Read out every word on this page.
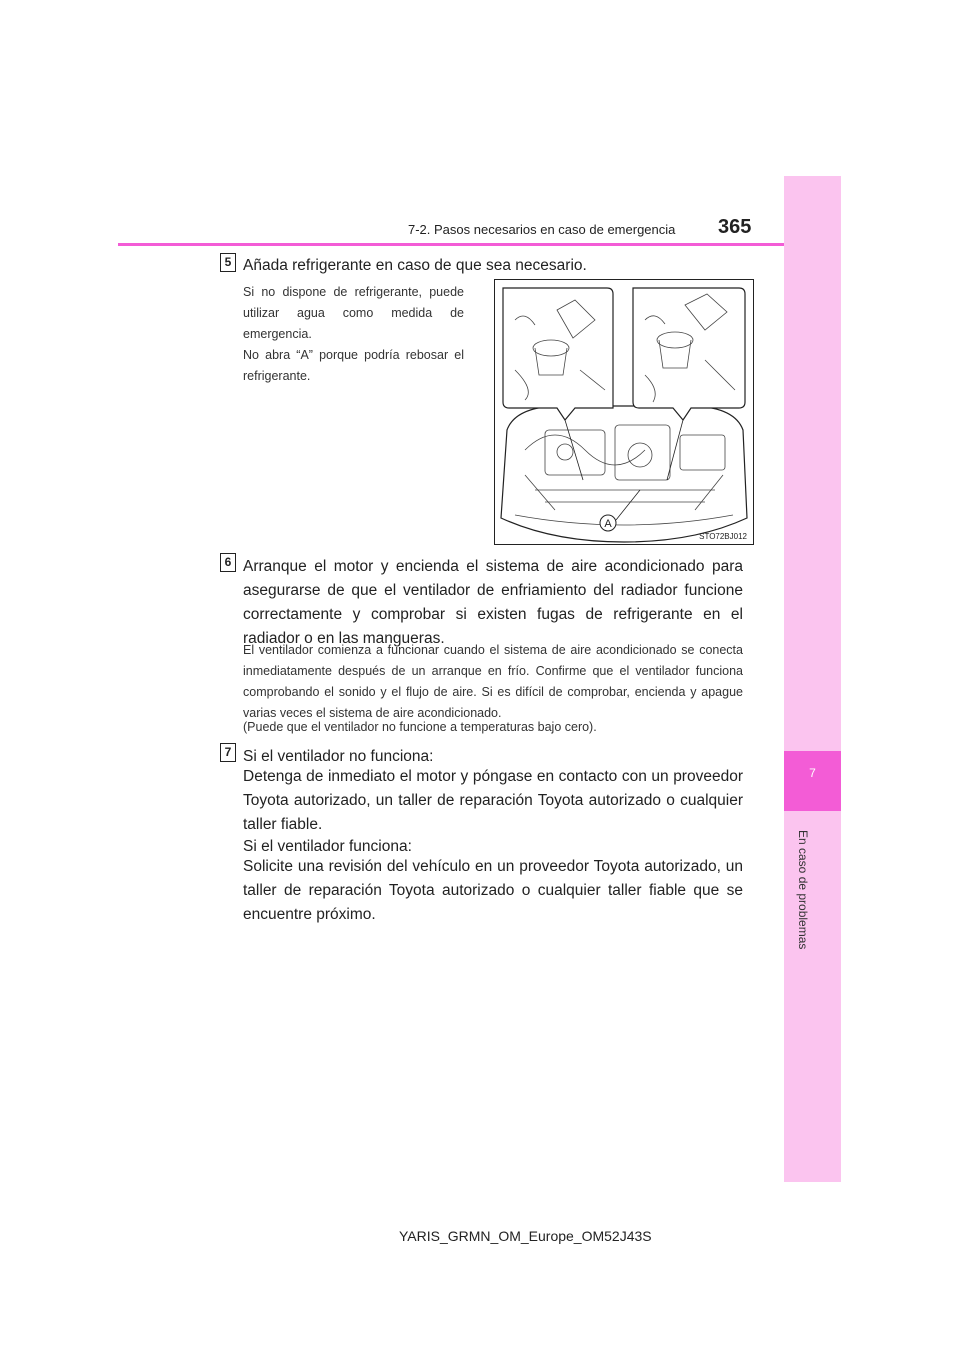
7
En caso de problemas
7-2. Pasos necesarios en caso de emergencia 365
5 Añada refrigerante en caso de que sea necesario.

Si no dispone de refrigerante, puede utilizar agua como medida de emergencia.

No abra “A” porque podría rebosar el refrigerante.

A
STO72BJ012
6 Arranque el motor y encienda el sistema de aire acondicionado para asegurarse de que el ventilador de enfriamiento del radiador funcione correctamente y comprobar si existen fugas de refrigerante en el radiador o en las mangueras.

El ventilador comienza a funcionar cuando el sistema de aire acondicionado se conecta inmediatamente después de un arranque en frío. Confirme que el ventilador funciona comprobando el sonido y el flujo de aire. Si es difícil de comprobar, encienda y apague varias veces el sistema de aire acondicionado.

(Puede que el ventilador no funcione a temperaturas bajo cero).

7 Si el ventilador no funciona:

Detenga de inmediato el motor y póngase en contacto con un proveedor Toyota autorizado, un taller de reparación Toyota autorizado o cualquier taller fiable.

Si el ventilador funciona:

Solicite una revisión del vehículo en un proveedor Toyota autorizado, un taller de reparación Toyota autorizado o cualquier taller fiable que se encuentre próximo.

YARIS_GRMN_OM_Europe_OM52J43S
